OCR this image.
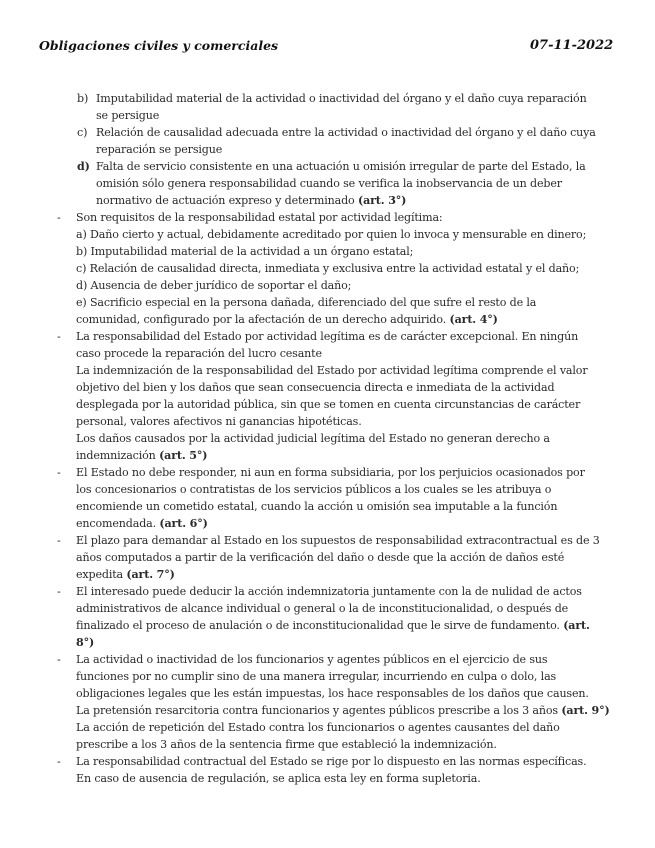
Obligaciones civiles y comerciales	07-11-2022
b) Imputabilidad material de la actividad o inactividad del órgano y el daño cuya reparación
se persigue
c) Relación de causalidad adecuada entre la actividad o inactividad del órgano y el daño cuya
reparación se persigue
d) Falta de servicio consistente en una actuación u omisión irregular de parte del Estado, la
omisión sólo genera responsabilidad cuando se verifica la inobservancia de un deber
normativo de actuación expreso y determinado (art. 3°)
- Son requisitos de la responsabilidad estatal por actividad legítima:
a) Daño cierto y actual, debidamente acreditado por quien lo invoca y mensurable en dinero;
b) Imputabilidad material de la actividad a un órgano estatal;
c) Relación de causalidad directa, inmediata y exclusiva entre la actividad estatal y el daño;
d) Ausencia de deber jurídico de soportar el daño;
e) Sacrificio especial en la persona dañada, diferenciado del que sufre el resto de la
comunidad, configurado por la afectación de un derecho adquirido. (art. 4°)
- La responsabilidad del Estado por actividad legítima es de carácter excepcional. En ningún
caso procede la reparación del lucro cesante
La indemnización de la responsabilidad del Estado por actividad legítima comprende el valor
objetivo del bien y los daños que sean consecuencia directa e inmediata de la actividad
desplegada por la autoridad pública, sin que se tomen en cuenta circunstancias de carácter
personal, valores afectivos ni ganancias hipotéticas.
Los daños causados por la actividad judicial legítima del Estado no generan derecho a
indemnización (art. 5°)
- El Estado no debe responder, ni aun en forma subsidiaria, por los perjuicios ocasionados por
los concesionarios o contratistas de los servicios públicos a los cuales se les atribuya o
encomiende un cometido estatal, cuando la acción u omisión sea imputable a la función
encomendada. (art. 6°)
- El plazo para demandar al Estado en los supuestos de responsabilidad extracontractual es de 3
años computados a partir de la verificación del daño o desde que la acción de daños esté
expedita (art. 7°)
- El interesado puede deducir la acción indemnizatoria juntamente con la de nulidad de actos
administrativos de alcance individual o general o la de inconstitucionalidad, o después de
finalizado el proceso de anulación o de inconstitucionalidad que le sirve de fundamento. (art.
8°)
- La actividad o inactividad de los funcionarios y agentes públicos en el ejercicio de sus
funciones por no cumplir sino de una manera irregular, incurriendo en culpa o dolo, las
obligaciones legales que les están impuestas, los hace responsables de los daños que causen.
La pretensión resarcitoria contra funcionarios y agentes públicos prescribe a los 3 años (art. 9°)
La acción de repetición del Estado contra los funcionarios o agentes causantes del daño
prescribe a los 3 años de la sentencia firme que estableció la indemnización.
- La responsabilidad contractual del Estado se rige por lo dispuesto en las normas específicas.
En caso de ausencia de regulación, se aplica esta ley en forma supletoria.
